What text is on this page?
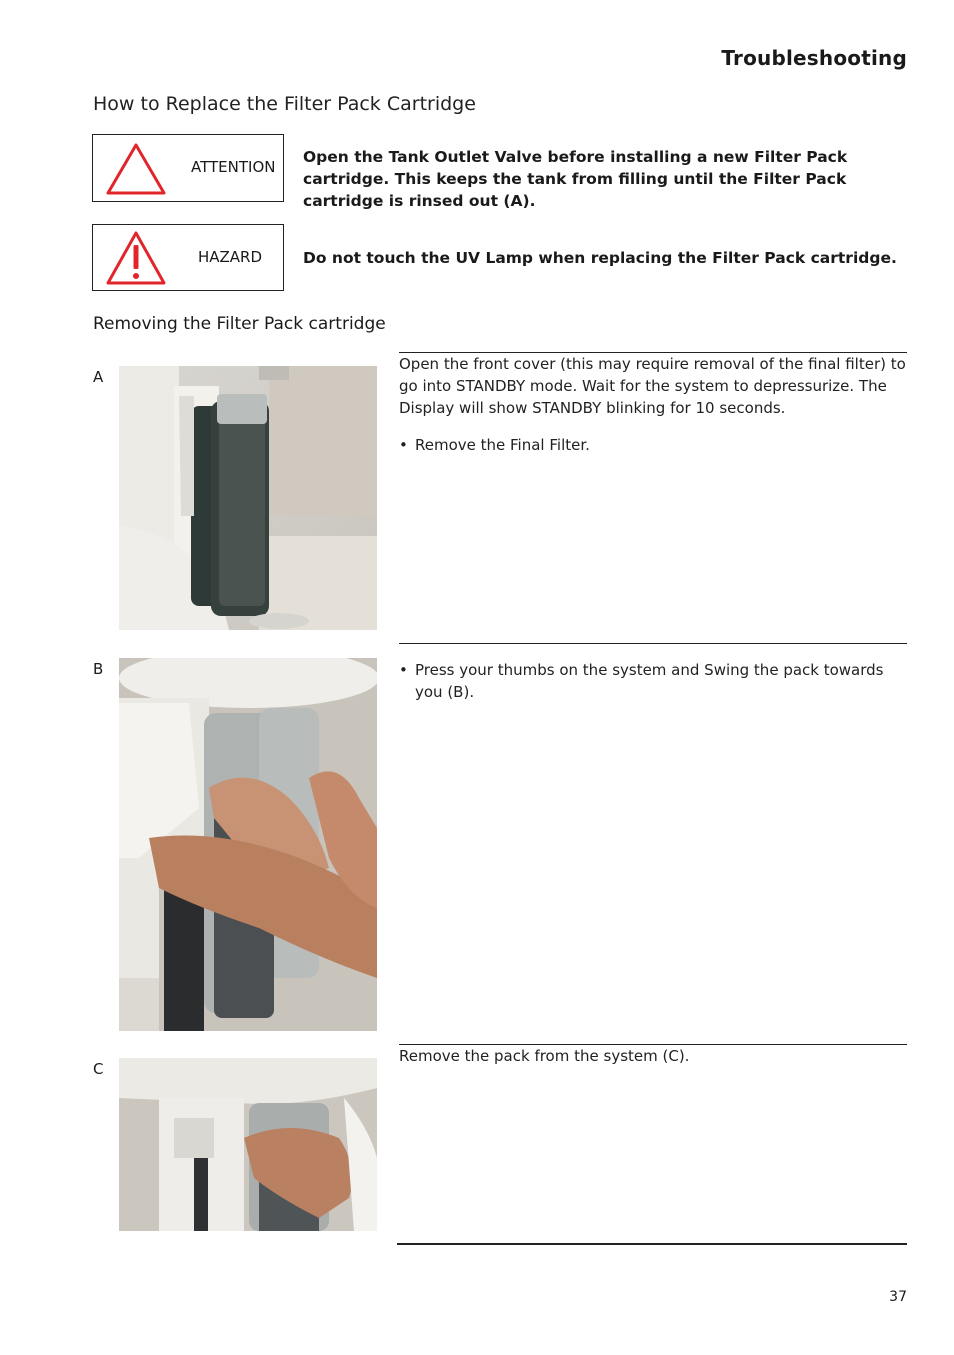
Troubleshooting
How to Replace the Filter Pack Cartridge
ATTENTION
Open the Tank Outlet Valve before installing a new Filter Pack cartridge. This keeps the tank from filling until the Filter Pack cartridge is rinsed out (A).
HAZARD	Do not touch the UV Lamp when replacing the Filter Pack cartridge.
Removing the Filter Pack cartridge
A
Open the front cover (this may require removal of the final filter) to go into STANDBY mode. Wait for the system to depressurize. The Display will show STANDBY blinking for 10 seconds.
• Remove the Final Filter.
B	• Press your thumbs on the system and Swing the pack towards you (B).
C
Remove the pack from the system (C).
37
